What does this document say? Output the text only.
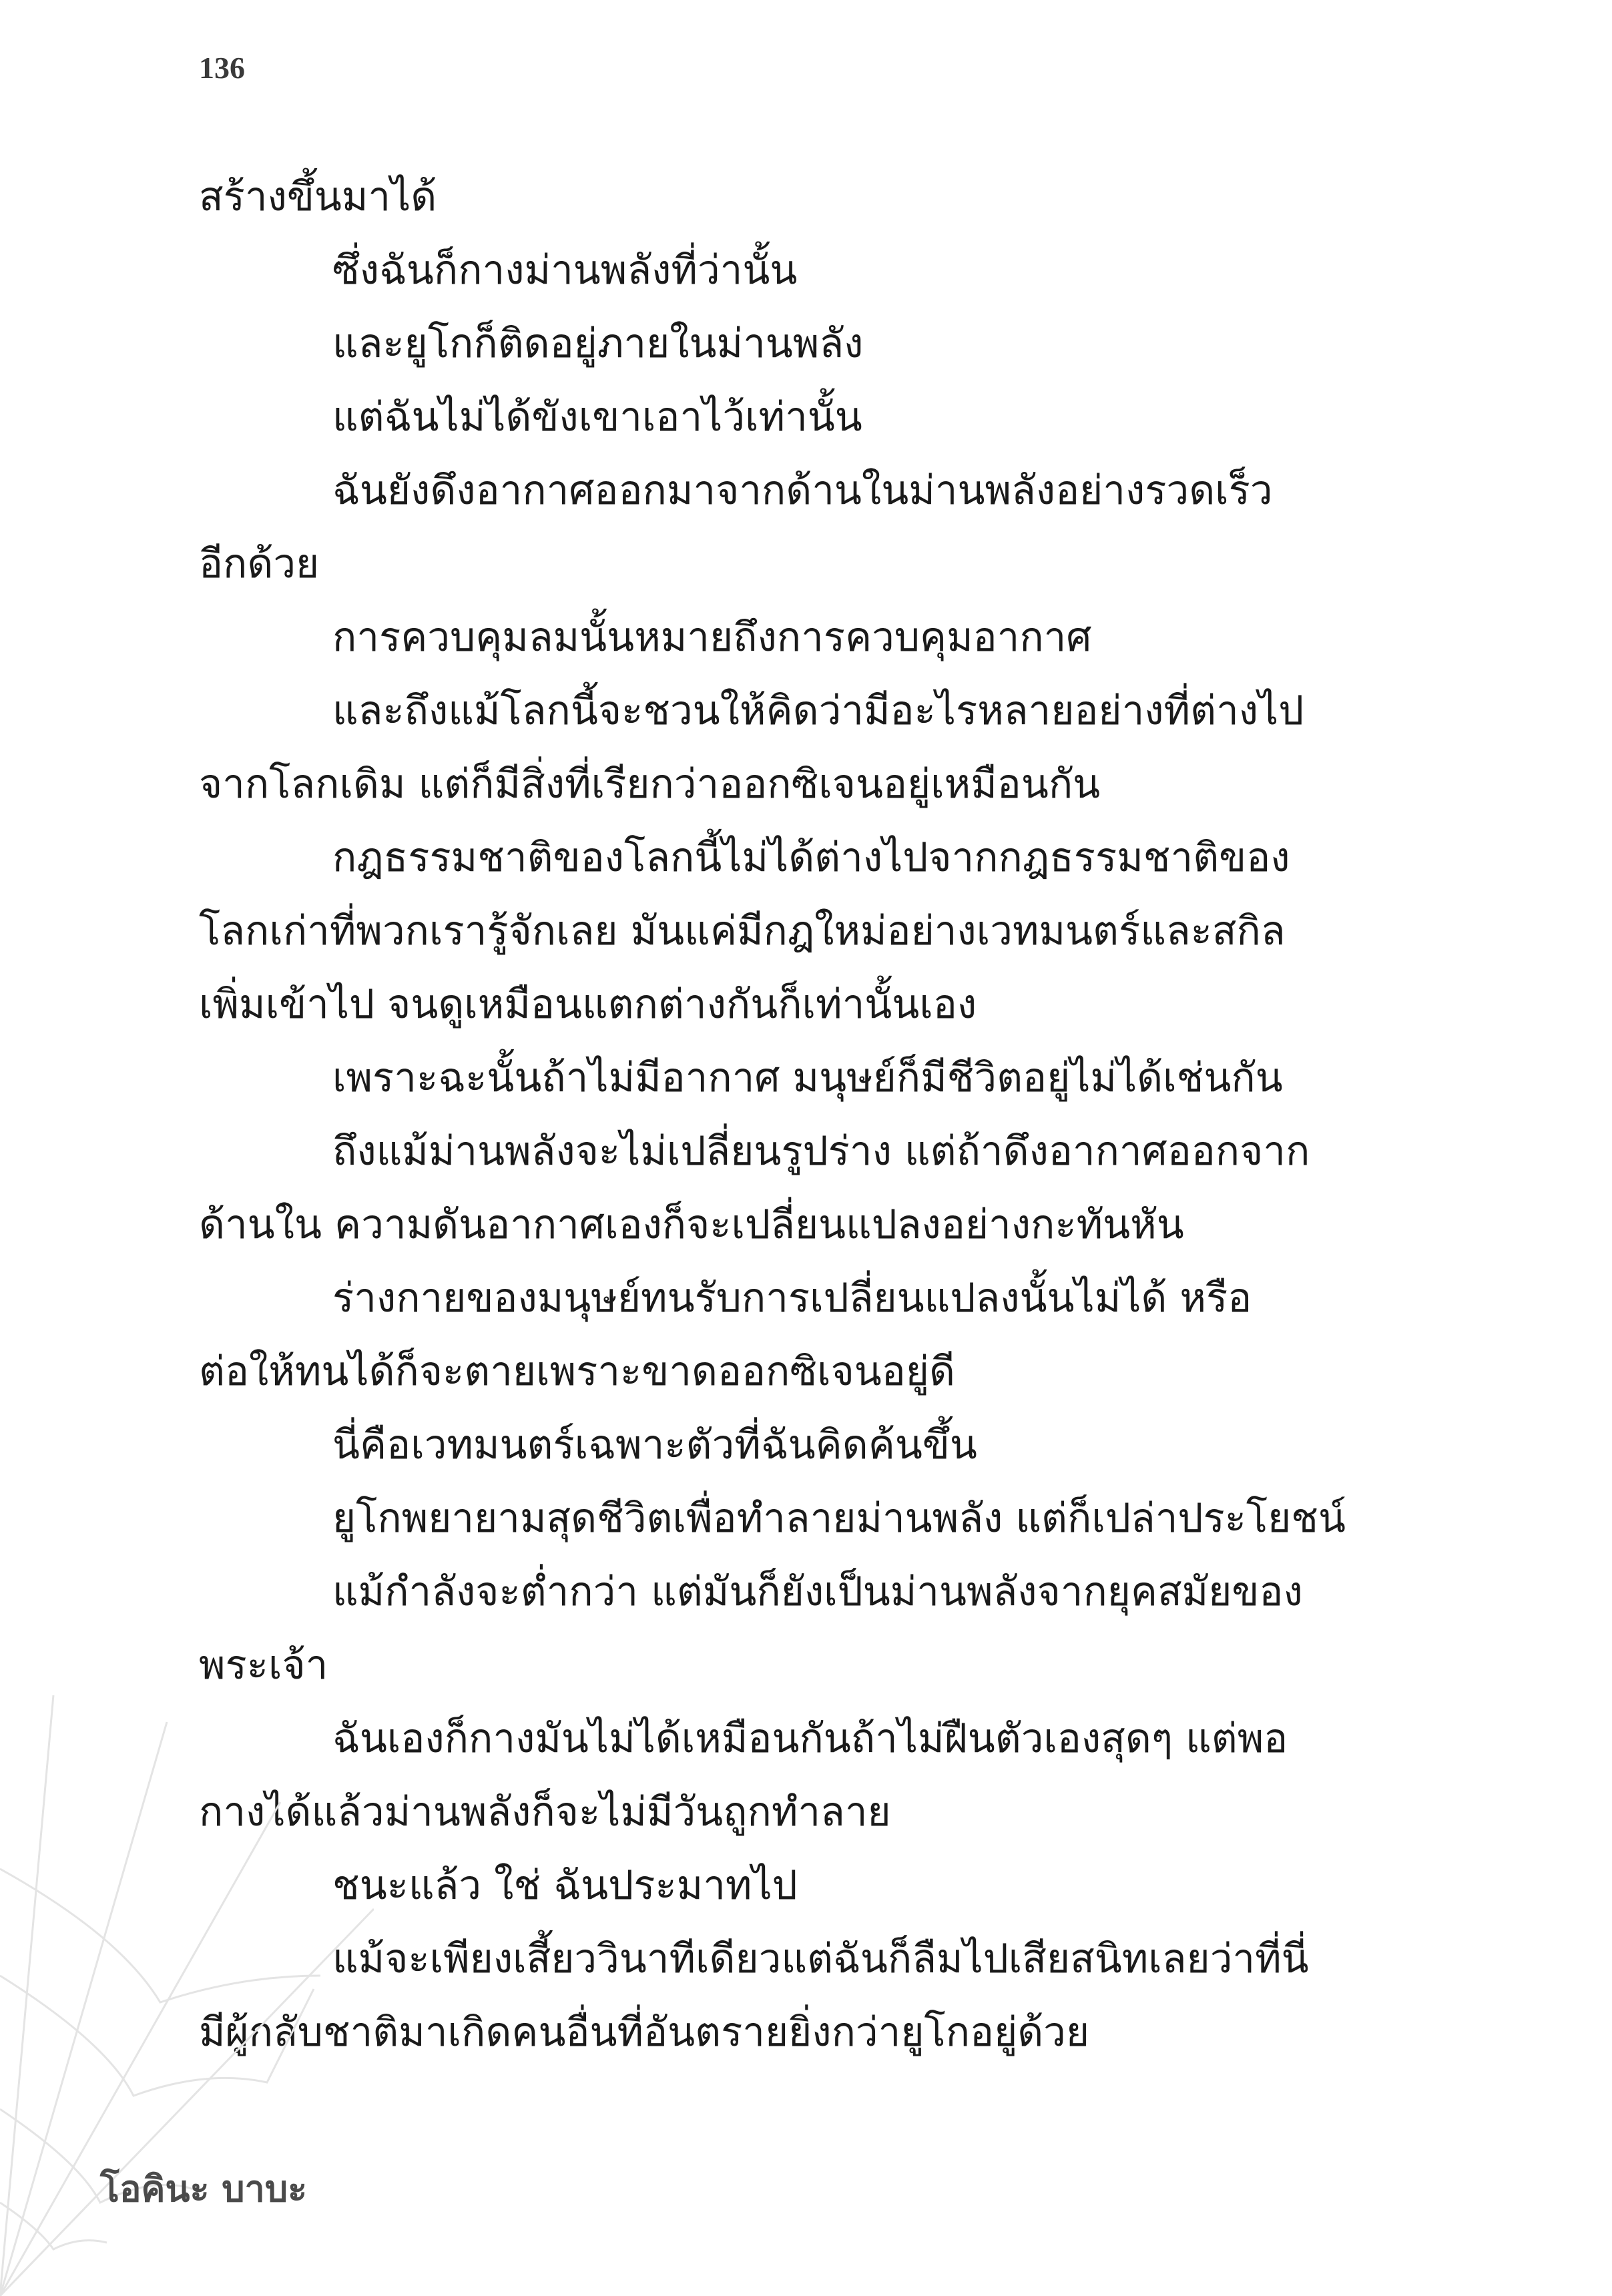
136
สร้างขึ้นมาได้
ซึ่งฉันก็กางม่านพลังที่ว่านั้น
และยูโกก็ติดอยู่ภายในม่านพลัง
แต่ฉันไม่ได้ขังเขาเอาไว้เท่านั้น
ฉันยังดึงอากาศออกมาจากด้านในม่านพลังอย่างรวดเร็ว
อีกด้วย
การควบคุมลมนั้นหมายถึงการควบคุมอากาศ
และถึงแม้โลกนี้จะชวนให้คิดว่ามีอะไรหลายอย่างที่ต่างไป
จากโลกเดิม แต่ก็มีสิ่งที่เรียกว่าออกซิเจนอยู่เหมือนกัน
กฎธรรมชาติของโลกนี้ไม่ได้ต่างไปจากกฎธรรมชาติของ
โลกเก่าที่พวกเรารู้จักเลย มันแค่มีกฎใหม่อย่างเวทมนตร์และสกิล
เพิ่มเข้าไป จนดูเหมือนแตกต่างกันก็เท่านั้นเอง
เพราะฉะนั้นถ้าไม่มีอากาศ มนุษย์ก็มีชีวิตอยู่ไม่ได้เช่นกัน
ถึงแม้ม่านพลังจะไม่เปลี่ยนรูปร่าง แต่ถ้าดึงอากาศออกจาก
ด้านใน ความดันอากาศเองก็จะเปลี่ยนแปลงอย่างกะทันหัน
ร่างกายของมนุษย์ทนรับการเปลี่ยนแปลงนั้นไม่ได้ หรือ
ต่อให้ทนได้ก็จะตายเพราะขาดออกซิเจนอยู่ดี
นี่คือเวทมนตร์เฉพาะตัวที่ฉันคิดค้นขึ้น
ยูโกพยายามสุดชีวิตเพื่อทำลายม่านพลัง แต่ก็เปล่าประโยชน์
แม้กำลังจะต่ำกว่า แต่มันก็ยังเป็นม่านพลังจากยุคสมัยของ
พระเจ้า
ฉันเองก็กางมันไม่ได้เหมือนกันถ้าไม่ฝืนตัวเองสุดๆ แต่พอ
กางได้แล้วม่านพลังก็จะไม่มีวันถูกทำลาย
ชนะแล้ว ใช่ ฉันประมาทไป
แม้จะเพียงเสี้ยววินาทีเดียวแต่ฉันก็ลืมไปเสียสนิทเลยว่าที่นี่
มีผู้กลับชาติมาเกิดคนอื่นที่อันตรายยิ่งกว่ายูโกอยู่ด้วย
โอคินะ บาบะ
